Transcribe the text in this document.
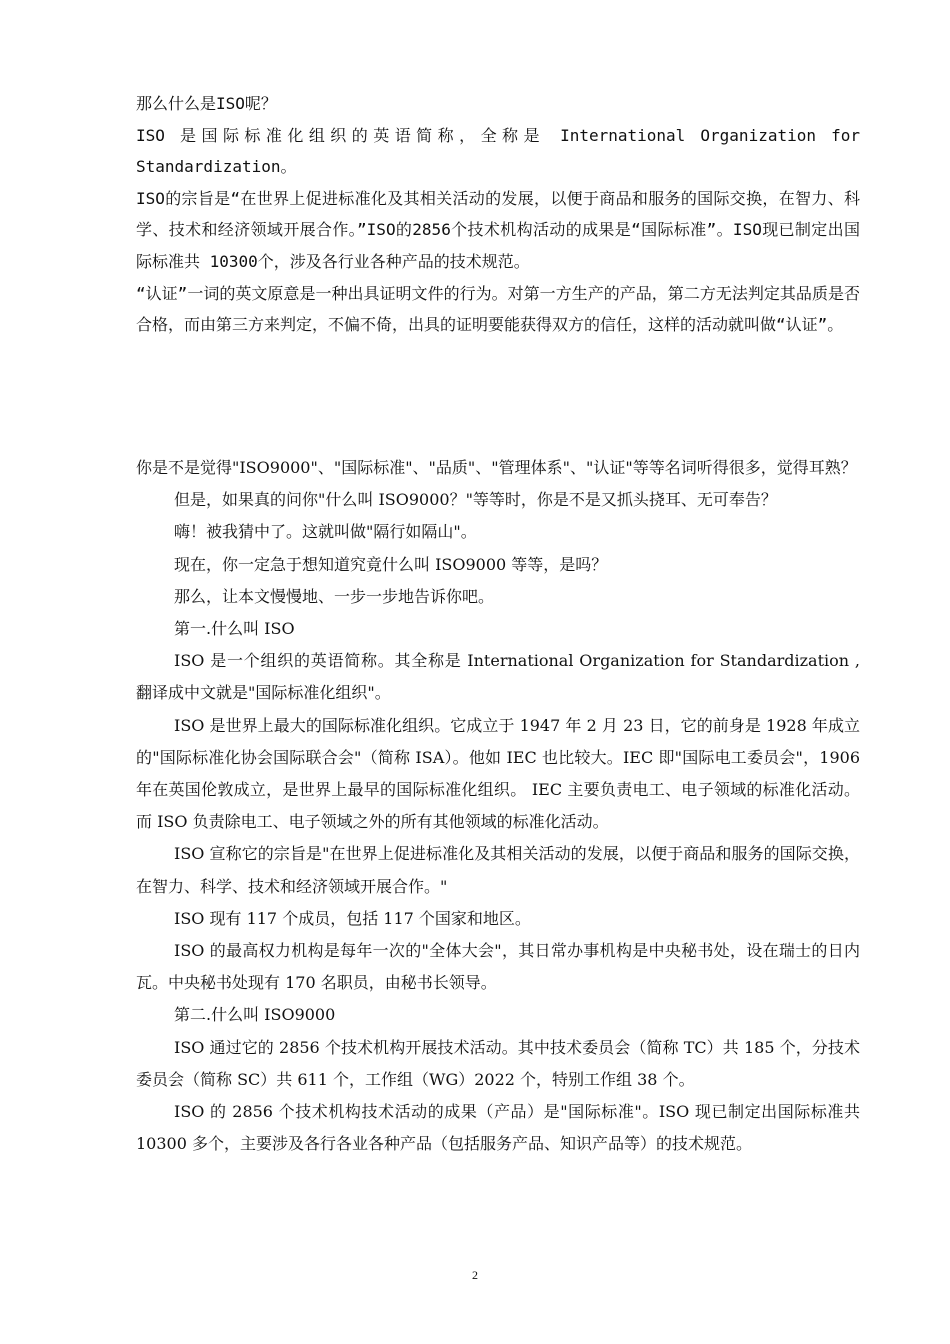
那么什么是ISO呢？

ISO 是国际标准化组织的英语简称，全称是 International Organization for Standardization。

ISO的宗旨是“在世界上促进标准化及其相关活动的发展，以便于商品和服务的国际交换，在智力、科学、技术和经济领域开展合作。”ISO的2856个技术机构活动的成果是“国际标准”。ISO现已制定出国际标准共 10300个，涉及各行业各种产品的技术规范。

“认证”一词的英文原意是一种出具证明文件的行为。对第一方生产的产品，第二方无法判定其品质是否合格，而由第三方来判定，不偏不倚，出具的证明要能获得双方的信任，这样的活动就叫做“认证”。

你是不是觉得"ISO9000"、"国际标准"、"品质"、"管理体系"、"认证"等等名词听得很多，觉得耳熟？

但是，如果真的问你"什么叫 ISO9000？"等等时，你是不是又抓头挠耳、无可奉告？

嗨！被我猜中了。这就叫做"隔行如隔山"。

现在，你一定急于想知道究竟什么叫 ISO9000 等等，是吗？

那么，让本文慢慢地、一步一步地告诉你吧。

第一.什么叫 ISO

ISO 是一个组织的英语简称。其全称是 International Organization for Standardization , 翻译成中文就是"国际标准化组织"。

ISO 是世界上最大的国际标准化组织。它成立于 1947 年 2 月 23 日，它的前身是 1928 年成立的"国际标准化协会国际联合会"（简称 ISA）。他如 IEC 也比较大。IEC 即"国际电工委员会"，1906 年在英国伦敦成立，是世界上最早的国际标准化组织。 IEC 主要负责电工、电子领域的标准化活动。而 ISO 负责除电工、电子领域之外的所有其他领域的标准化活动。

ISO 宣称它的宗旨是"在世界上促进标准化及其相关活动的发展，以便于商品和服务的国际交换，在智力、科学、技术和经济领域开展合作。"

ISO 现有 117 个成员，包括 117 个国家和地区。

ISO 的最高权力机构是每年一次的"全体大会"，其日常办事机构是中央秘书处，设在瑞士的日内瓦。中央秘书处现有 170 名职员，由秘书长领导。

第二.什么叫 ISO9000

ISO 通过它的 2856 个技术机构开展技术活动。其中技术委员会（简称 TC）共 185 个，分技术委员会（简称 SC）共 611 个，工作组（WG）2022 个，特别工作组 38 个。

ISO 的 2856 个技术机构技术活动的成果（产品）是"国际标准"。ISO 现已制定出国际标准共 10300 多个，主要涉及各行各业各种产品（包括服务产品、知识产品等）的技术规范。

2
